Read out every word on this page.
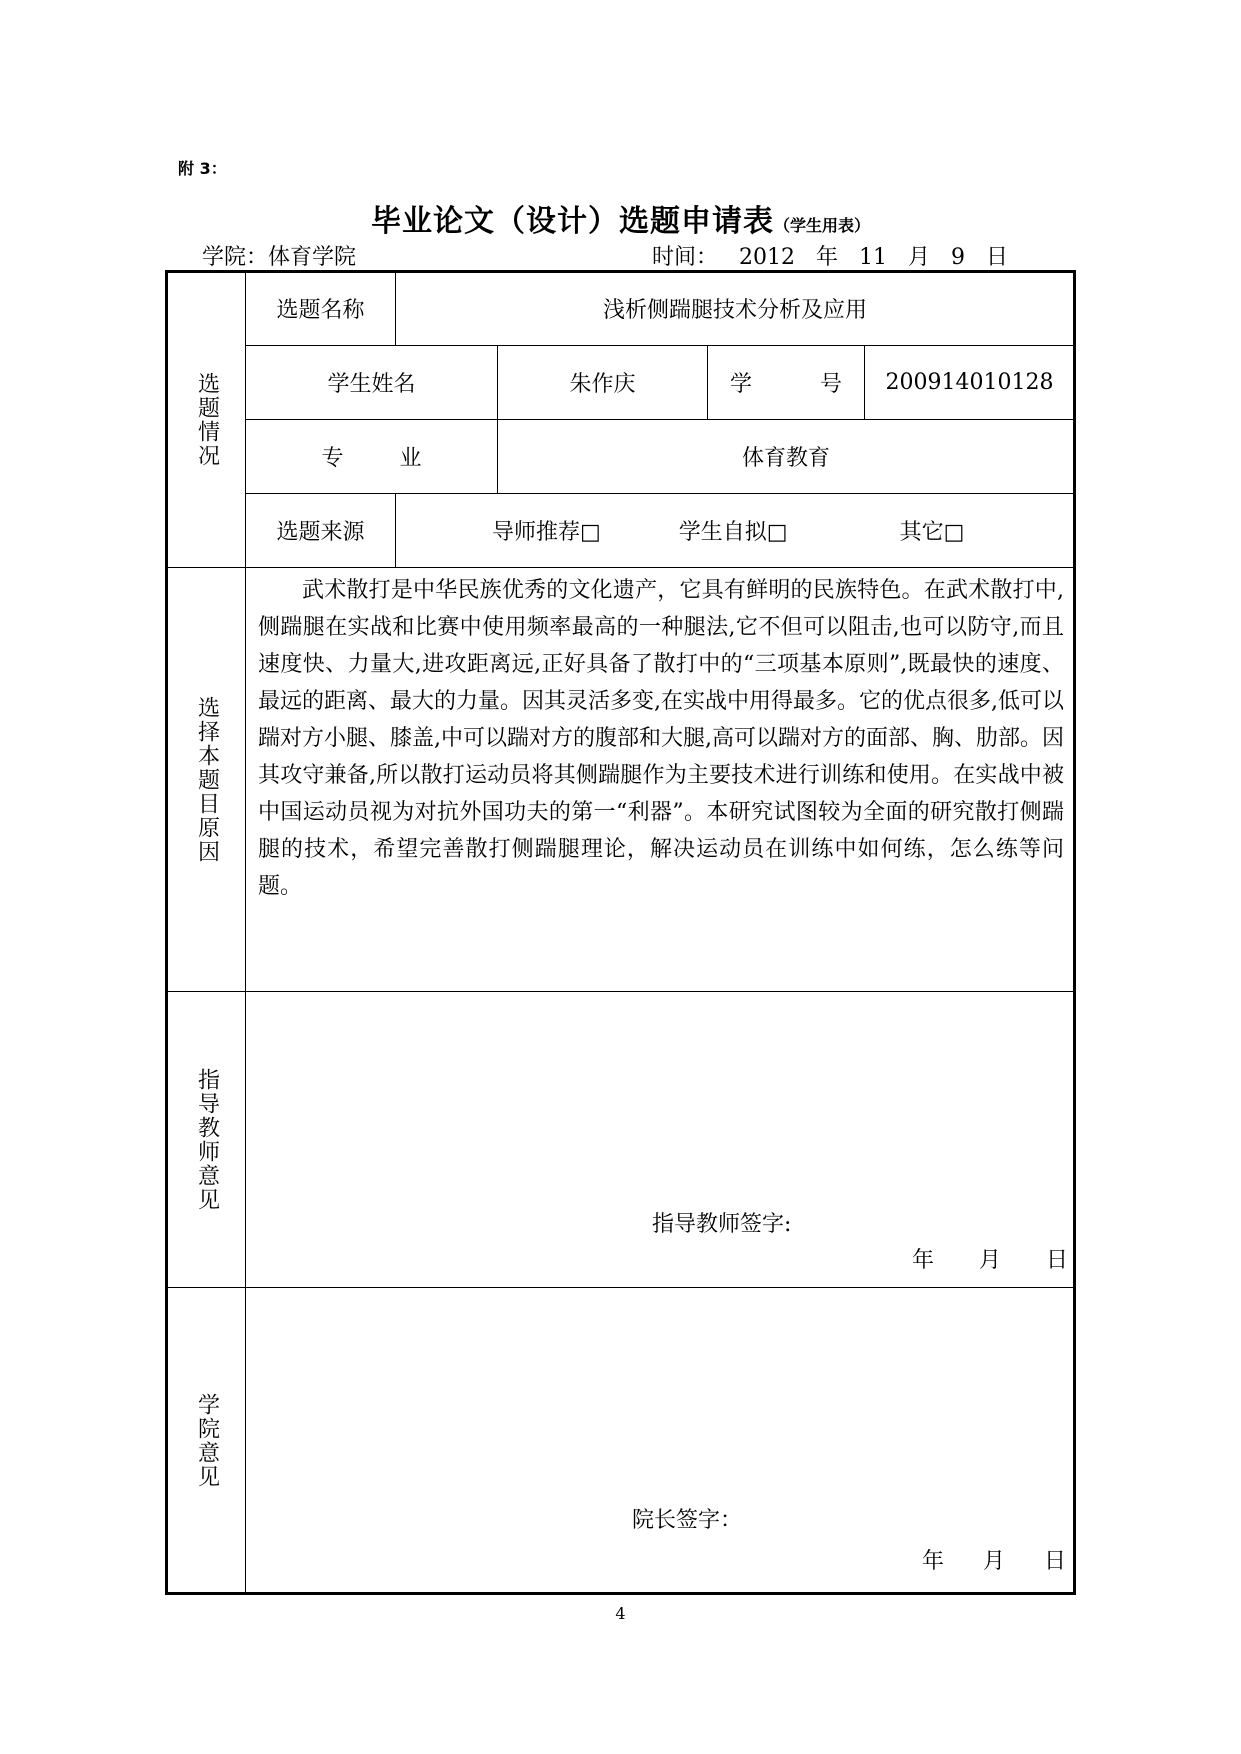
附 3：
毕业论文（设计）选题申请表（学生用表）
学院：体育学院	时间： 2012 年 11 月 9 日
选题情况
选择本题目原因
指导教师意见
学院意见
选题名称	浅析侧踹腿技术分析及应用
学生姓名	朱作庆	学	号	200914010128
专	业	体育教育
选题来源	导师推荐□	学生自拟□	其它□
武术散打是中华民族优秀的文化遗产，它具有鲜明的民族特色。在武术散打中,侧踹腿在实战和比赛中使用频率最高的一种腿法,它不但可以阻击,也可以防守,而且速度快、力量大,进攻距离远,正好具备了散打中的“三项基本原则”,既最快的速度、最远的距离、最大的力量。因其灵活多变,在实战中用得最多。它的优点很多,低可以踹对方小腿、膝盖,中可以踹对方的腹部和大腿,高可以踹对方的面部、胸、肋部。因其攻守兼备,所以散打运动员将其侧踹腿作为主要技术进行训练和使用。在实战中被中国运动员视为对抗外国功夫的第一“利器”。本研究试图较为全面的研究散打侧踹腿的技术，希望完善散打侧踹腿理论，解决运动员在训练中如何练，怎么练等问题。
指导教师签字:
年 月 日
院长签字：
年 月 日
4
